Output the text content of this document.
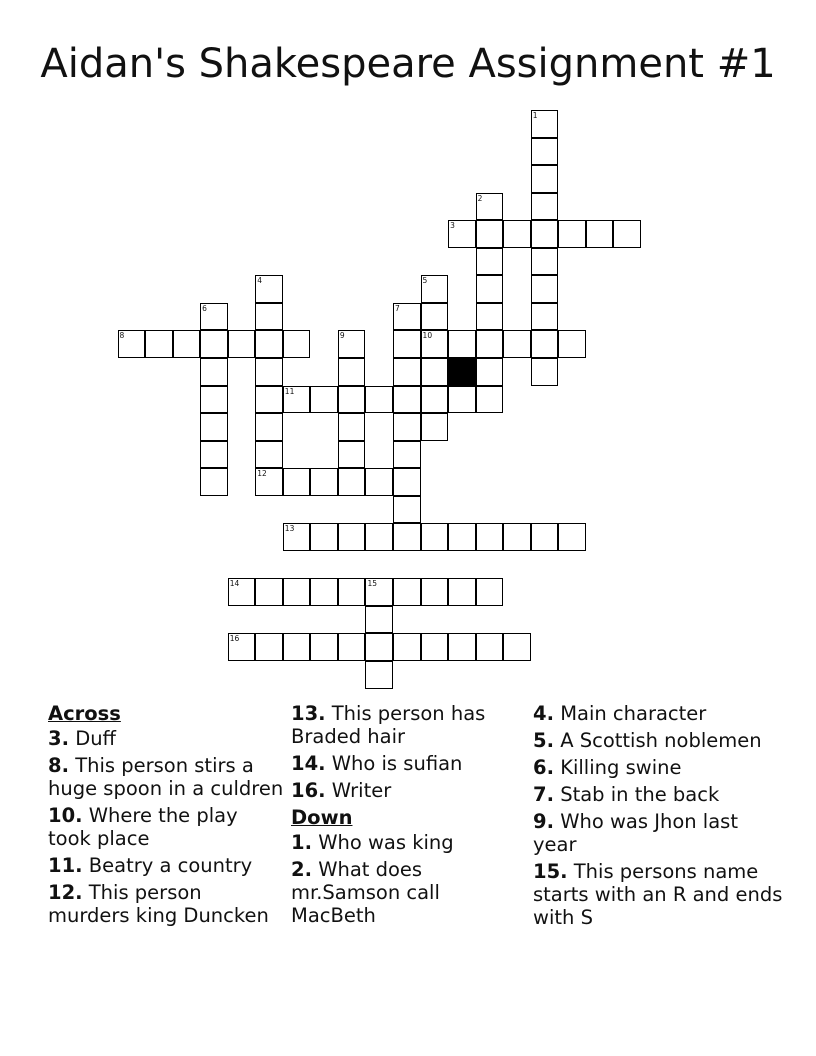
Aidan's Shakespeare Assignment #1
1
2
3
4	5
10
6	7
8	9
11
12
13
14	15
16
Across
3. Duff
8. This person stirs a huge spoon in a culdren
10. Where the play took place
11. Beatry a country
12. This person murders king Duncken
13. This person has Braded hair
14. Who is sufian
16. Writer
Down
1. Who was king
2. What does mr.Samson call MacBeth
4. Main character
5. A Scottish noblemen
6. Killing swine
7. Stab in the back
9. Who was Jhon last year
15. This persons name starts with an R and ends with S
